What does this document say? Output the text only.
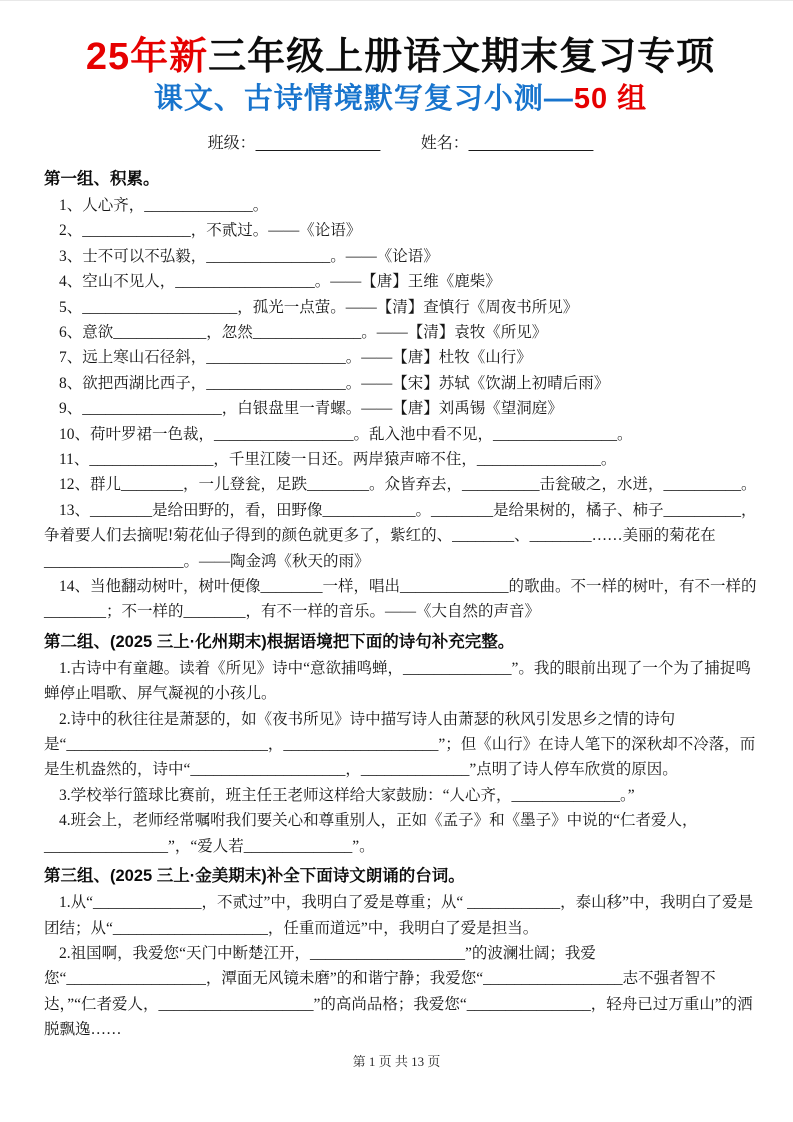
25年新三年级上册语文期末复习专项
课文、古诗情境默写复习小测—50 组
班级：______________	姓名：______________
第一组、积累。

1、人心齐，______________。

2、______________，不贰过。——《论语》

3、士不可以不弘毅，________________。——《论语》

4、空山不见人，__________________。——【唐】王维《鹿柴》

5、____________________，孤光一点萤。——【清】查慎行《周夜书所见》

6、意欲____________，忽然______________。——【清】袁牧《所见》

7、远上寒山石径斜，__________________。——【唐】杜牧《山行》

8、欲把西湖比西子，__________________。——【宋】苏轼《饮湖上初晴后雨》

9、__________________，白银盘里一青螺。——【唐】刘禹锡《望洞庭》

10、荷叶罗裙一色裁，__________________。乱入池中看不见，________________。

11、________________，千里江陵一日还。两岸猿声啼不住，________________。

12、群儿________，一儿登瓮，足跌________。众皆弃去，__________击瓮破之，水迸，__________。

13、________是给田野的，看，田野像____________。________是给果树的，橘子、柿子__________，争着要人们去摘呢!菊花仙子得到的颜色就更多了，紫红的、________、________……美丽的菊花在__________________。——陶金鸿《秋天的雨》

14、当他翻动树叶，树叶便像________一样，唱出______________的歌曲。不一样的树叶，有不一样的________；不一样的________，有不一样的音乐。——《大自然的声音》

第二组、(2025 三上·化州期末)根据语境把下面的诗句补充完整。

1.古诗中有童趣。读着《所见》诗中“意欲捕鸣蝉，______________”。我的眼前出现了一个为了捕捉鸣蝉停止唱歌、屏气凝视的小孩儿。

2.诗中的秋往往是萧瑟的，如《夜书所见》诗中描写诗人由萧瑟的秋风引发思乡之情的诗句是“__________________________，____________________”；但《山行》在诗人笔下的深秋却不冷落，而是生机盎然的，诗中“____________________，______________”点明了诗人停车欣赏的原因。

3.学校举行篮球比赛前，班主任王老师这样给大家鼓励：“人心齐，______________。”

4.班会上，老师经常嘱咐我们要关心和尊重别人，正如《孟子》和《墨子》中说的“仁者爱人，________________”，“爱人若______________”。

第三组、(2025 三上·金美期末)补全下面诗文朗诵的台词。

1.从“______________，不贰过”中，我明白了爱是尊重；从“ ____________，泰山移”中，我明白了爱是团结；从“____________________，任重而道远”中，我明白了爱是担当。

2.祖国啊，我爱您“天门中断楚江开，____________________”的波澜壮阔；我爱您“__________________，潭面无风镜未磨”的和谐宁静；我爱您“__________________志不强者智不达，”“仁者爱人，____________________”的高尚品格；我爱您“________________，轻舟已过万重山”的洒脱飘逸……

第 1 页 共 13 页
